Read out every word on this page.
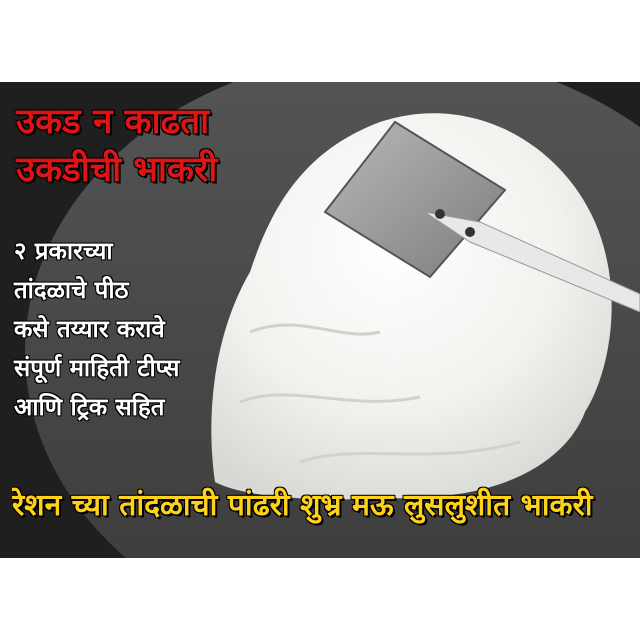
उकड न काढता

उकडीची भाकरी

२ प्रकारच्या
तांदळाचे पीठ
कसे तय्यार करावे
संपूर्ण माहिती टीप्स
आणि ट्रिक सहित

रेशन च्या तांदळाची पांढरी शुभ्र मऊ लुसलुशीत भाकरी
